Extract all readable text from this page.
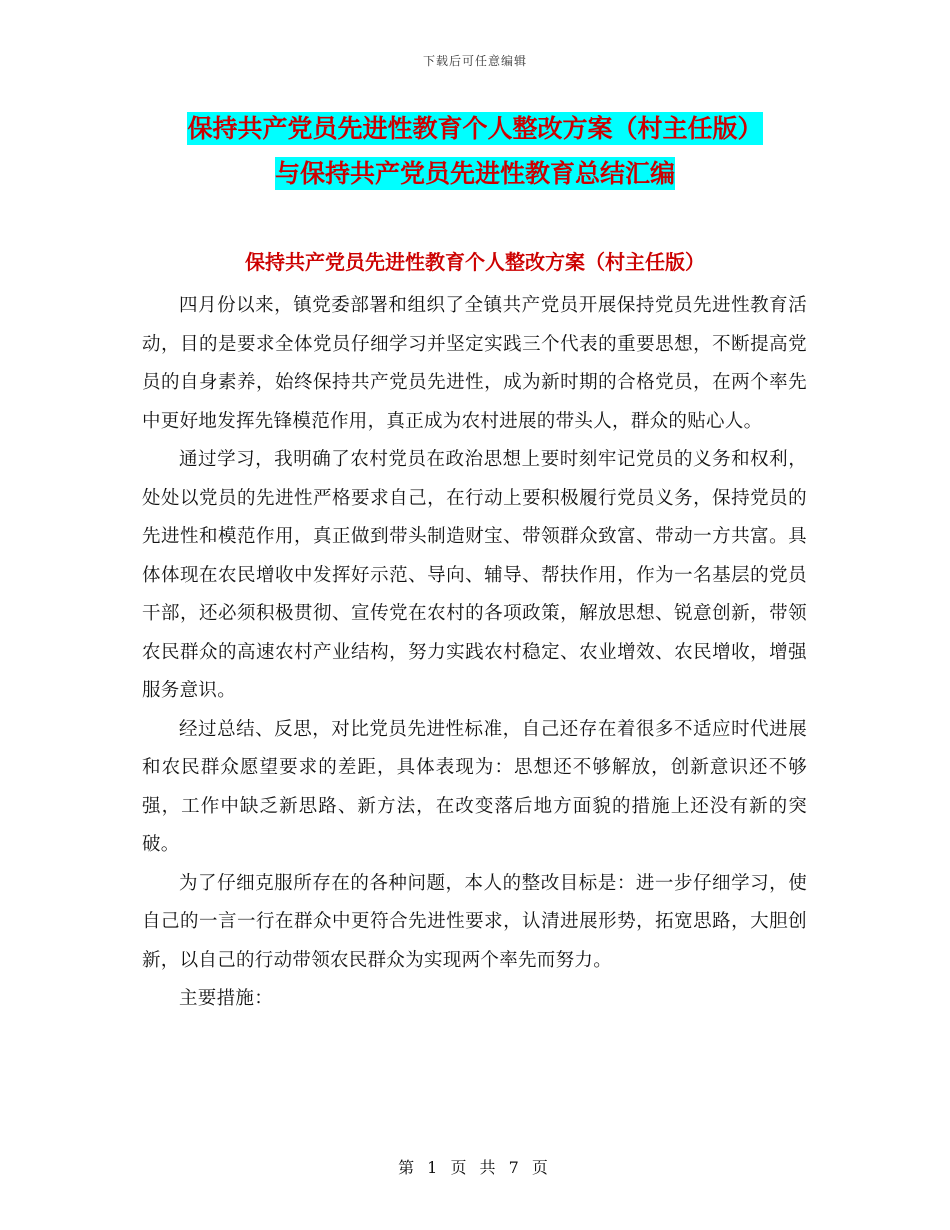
下载后可任意编辑
保持共产党员先进性教育个人整改方案（村主任版）
与保持共产党员先进性教育总结汇编
保持共产党员先进性教育个人整改方案（村主任版）

四月份以来，镇党委部署和组织了全镇共产党员开展保持党员先进性教育活动，目的是要求全体党员仔细学习并坚定实践三个代表的重要思想，不断提高党员的自身素养，始终保持共产党员先进性，成为新时期的合格党员，在两个率先中更好地发挥先锋模范作用，真正成为农村进展的带头人，群众的贴心人。

通过学习，我明确了农村党员在政治思想上要时刻牢记党员的义务和权利，处处以党员的先进性严格要求自己，在行动上要积极履行党员义务，保持党员的先进性和模范作用，真正做到带头制造财宝、带领群众致富、带动一方共富。具体体现在农民增收中发挥好示范、导向、辅导、帮扶作用，作为一名基层的党员干部，还必须积极贯彻、宣传党在农村的各项政策，解放思想、锐意创新，带领农民群众的高速农村产业结构，努力实践农村稳定、农业增效、农民增收，增强服务意识。

经过总结、反思，对比党员先进性标准，自己还存在着很多不适应时代进展和农民群众愿望要求的差距，具体表现为：思想还不够解放，创新意识还不够强，工作中缺乏新思路、新方法，在改变落后地方面貌的措施上还没有新的突破。

为了仔细克服所存在的各种问题，本人的整改目标是：进一步仔细学习，使自己的一言一行在群众中更符合先进性要求，认清进展形势，拓宽思路，大胆创新，以自己的行动带领农民群众为实现两个率先而努力。

主要措施：

第 1 页 共 7 页
